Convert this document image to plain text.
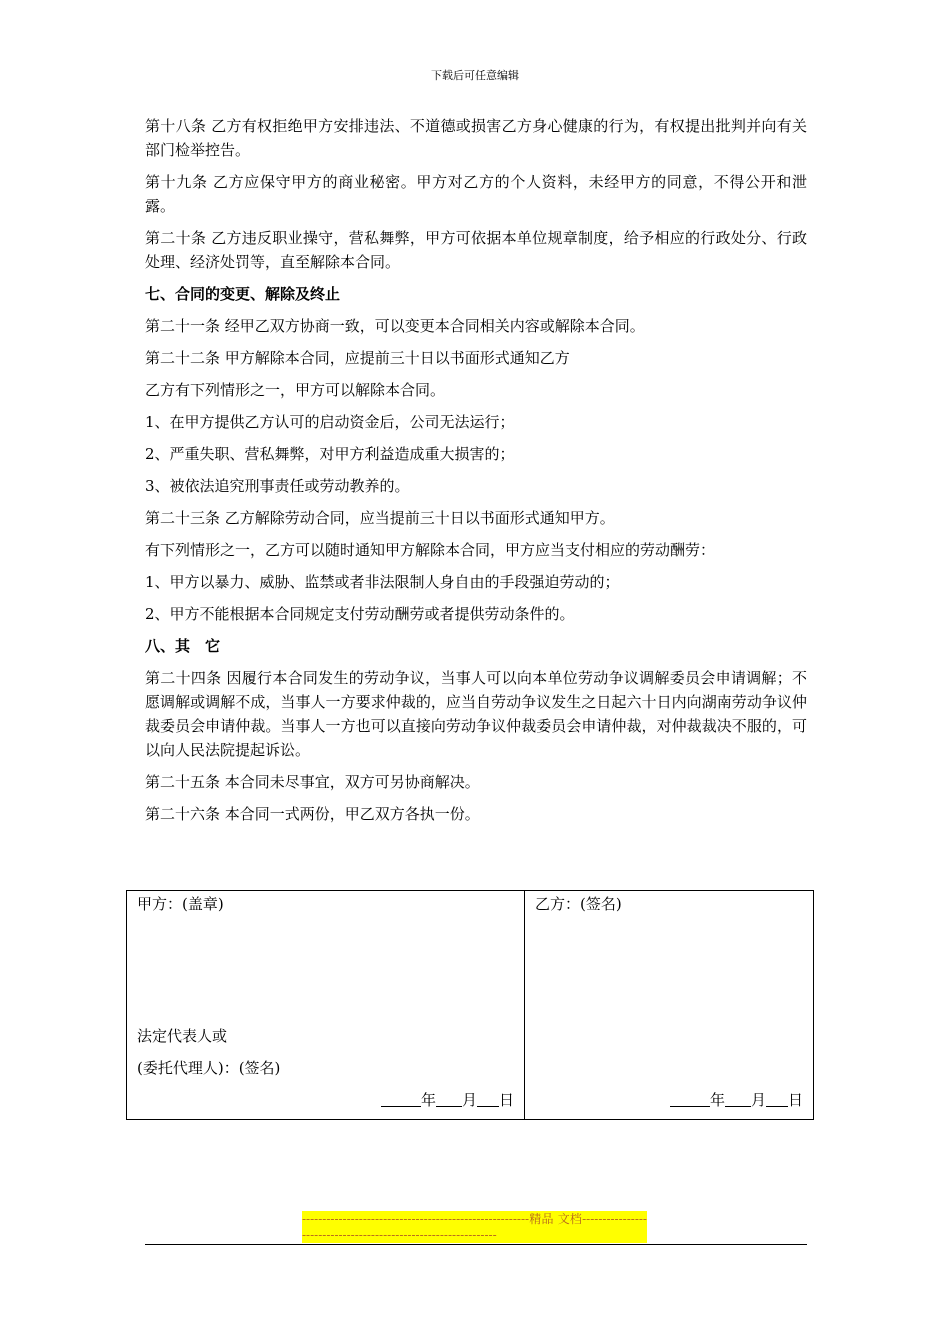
下载后可任意编辑

第十八条 乙方有权拒绝甲方安排违法、不道德或损害乙方身心健康的行为，有权提出批判并向有关部门检举控告。

第十九条 乙方应保守甲方的商业秘密。甲方对乙方的个人资料，未经甲方的同意，不得公开和泄露。

第二十条 乙方违反职业操守，营私舞弊，甲方可依据本单位规章制度，给予相应的行政处分、行政处理、经济处罚等，直至解除本合同。

七、合同的变更、解除及终止

第二十一条 经甲乙双方协商一致，可以变更本合同相关内容或解除本合同。

第二十二条 甲方解除本合同，应提前三十日以书面形式通知乙方

乙方有下列情形之一，甲方可以解除本合同。

1、在甲方提供乙方认可的启动资金后，公司无法运行；

2、严重失职、营私舞弊，对甲方利益造成重大损害的；

3、被依法追究刑事责任或劳动教养的。

第二十三条 乙方解除劳动合同，应当提前三十日以书面形式通知甲方。

有下列情形之一，乙方可以随时通知甲方解除本合同，甲方应当支付相应的劳动酬劳：

1、甲方以暴力、威胁、监禁或者非法限制人身自由的手段强迫劳动的；

2、甲方不能根据本合同规定支付劳动酬劳或者提供劳动条件的。

八、其　它

第二十四条 因履行本合同发生的劳动争议，当事人可以向本单位劳动争议调解委员会申请调解；不愿调解或调解不成，当事人一方要求仲裁的，应当自劳动争议发生之日起六十日内向湖南劳动争议仲裁委员会申请仲裁。当事人一方也可以直接向劳动争议仲裁委员会申请仲裁，对仲裁裁决不服的，可以向人民法院提起诉讼。

第二十五条 本合同未尽事宜，双方可另协商解决。

第二十六条 本合同一式两份，甲乙双方各执一份。

甲方：(盖章)
法定代表人或
(委托代理人)：(签名)
年 月 日
乙方：(签名)
年 月 日
--------------------------------------------------------精品 文档----------------------------------------------------------------
